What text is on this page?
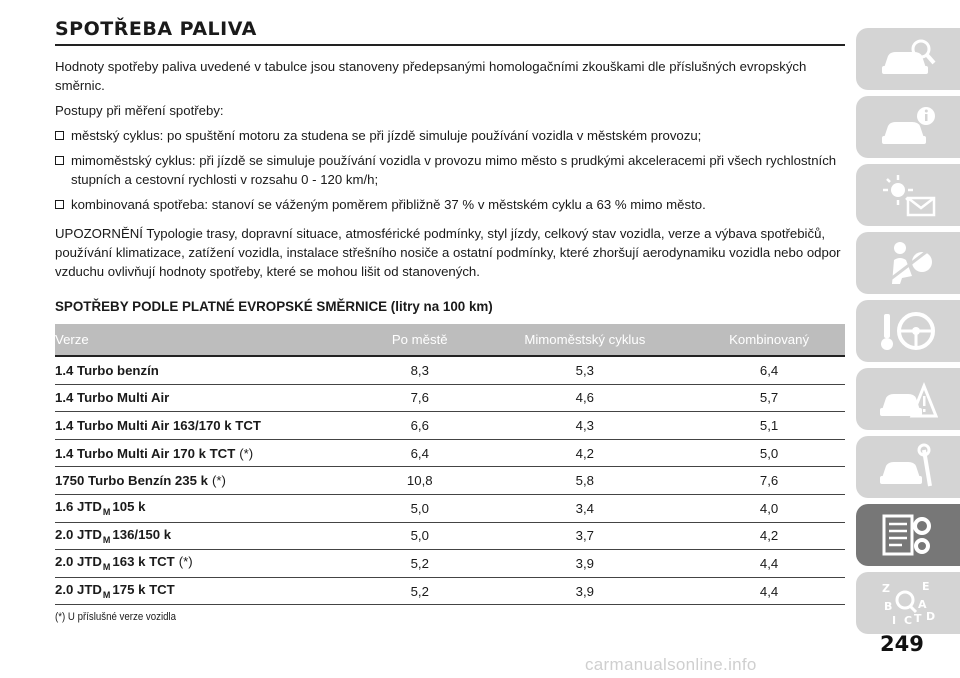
SPOTŘEBA PALIVA

Hodnoty spotřeby paliva uvedené v tabulce jsou stanoveny předepsanými homologačními zkouškami dle příslušných evropských směrnic.

Postupy při měření spotřeby:

městský cyklus: po spuštění motoru za studena se při jízdě simuluje používání vozidla v městském provozu;
mimoměstský cyklus: při jízdě se simuluje používání vozidla v provozu mimo město s prudkými akceleracemi při všech rychlostních stupních a cestovní rychlosti v rozsahu 0 - 120 km/h;
kombinovaná spotřeba: stanoví se váženým poměrem přibližně 37 % v městském cyklu a 63 % mimo město.

UPOZORNĚNÍ Typologie trasy, dopravní situace, atmosférické podmínky, styl jízdy, celkový stav vozidla, verze a výbava spotřebičů, používání klimatizace, zatížení vozidla, instalace střešního nosiče a ostatní podmínky, které zhoršují aerodynamiku vozidla nebo odpor vzduchu ovlivňují hodnoty spotřeby, které se mohou lišit od stanovených.

SPOTŘEBY PODLE PLATNÉ EVROPSKÉ SMĚRNICE (litry na 100 km)
Verze	Po městě	Mimoměstský cyklus	Kombinovaný
1.4 Turbo benzín	8,3	5,3	6,4
1.4 Turbo Multi Air	7,6	4,6	5,7
1.4 Turbo Multi Air 163/170 k TCT	6,6	4,3	5,1
1.4 Turbo Multi Air 170 k TCT (*)	6,4	4,2	5,0
1750 Turbo Benzín 235 k (*)	10,8	5,8	7,6
1.6 $JTD_M$ 105 k	5,0	3,4	4,0
2.0 $JTD_M$ 136/150 k	5,0	3,7	4,2
2.0 $JTD_M$ 163 k TCT (*)	5,2	3,9	4,4
2.0 $JTD_M$ 175 k TCT	5,2	3,9	4,4
(*) U příslušné verze vozidla
Z	E
B A
I C T D
249
carmanualsonline.info
